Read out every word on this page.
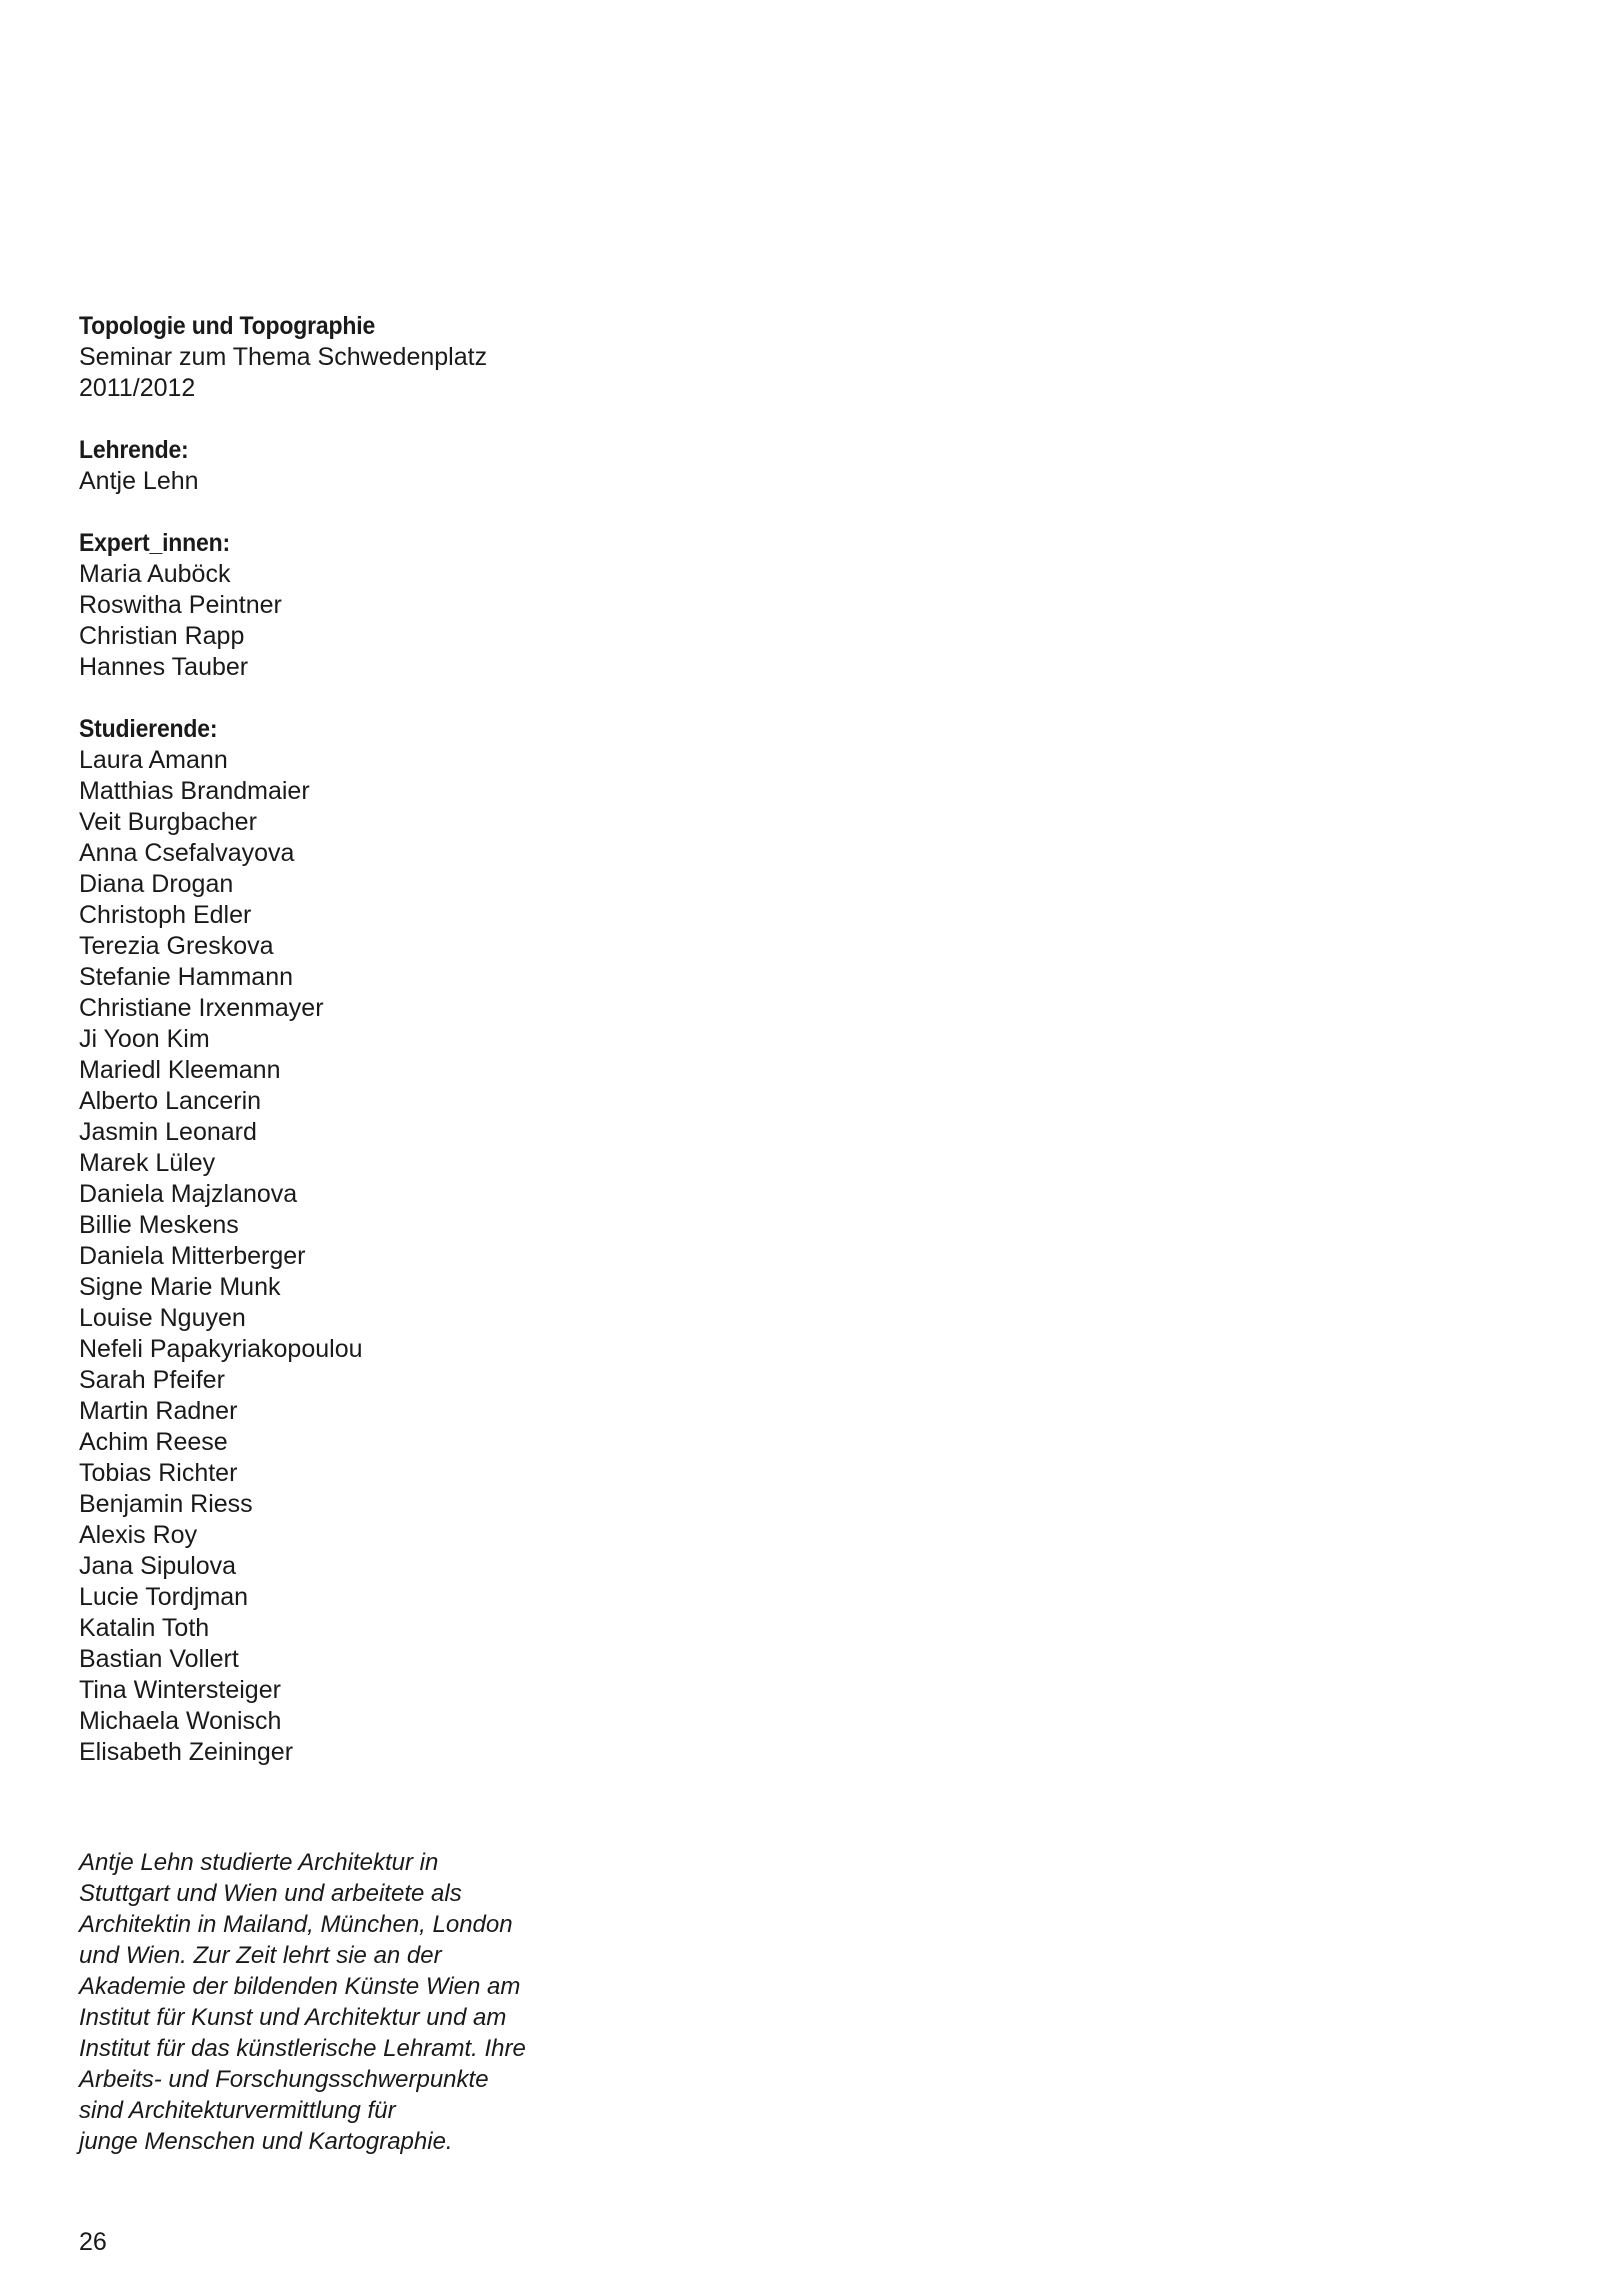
Topologie und Topographie
Seminar zum Thema Schwedenplatz
2011/2012
Lehrende:
Antje Lehn
Expert_innen:
Maria Auböck
Roswitha Peintner
Christian Rapp
Hannes Tauber
Studierende:
Laura Amann
Matthias Brandmaier
Veit Burgbacher
Anna Csefalvayova
Diana Drogan
Christoph Edler
Terezia Greskova
Stefanie Hammann
Christiane Irxenmayer
Ji Yoon Kim
Mariedl Kleemann
Alberto Lancerin
Jasmin Leonard
Marek Lüley
Daniela Majzlanova
Billie Meskens
Daniela Mitterberger
Signe Marie Munk
Louise Nguyen
Nefeli Papakyriakopoulou
Sarah Pfeifer
Martin Radner
Achim Reese
Tobias Richter
Benjamin Riess
Alexis Roy
Jana Sipulova
Lucie Tordjman
Katalin Toth
Bastian Vollert
Tina Wintersteiger
Michaela Wonisch
Elisabeth Zeininger
Antje Lehn studierte Architektur in
Stuttgart und Wien und arbeitete als
Architektin in Mailand, München, London
und Wien. Zur Zeit lehrt sie an der
Akademie der bildenden Künste Wien am
Institut für Kunst und Architektur und am
Institut für das künstlerische Lehramt. Ihre
Arbeits- und Forschungsschwerpunkte
sind Architekturvermittlung für
junge Menschen und Kartographie.
26
